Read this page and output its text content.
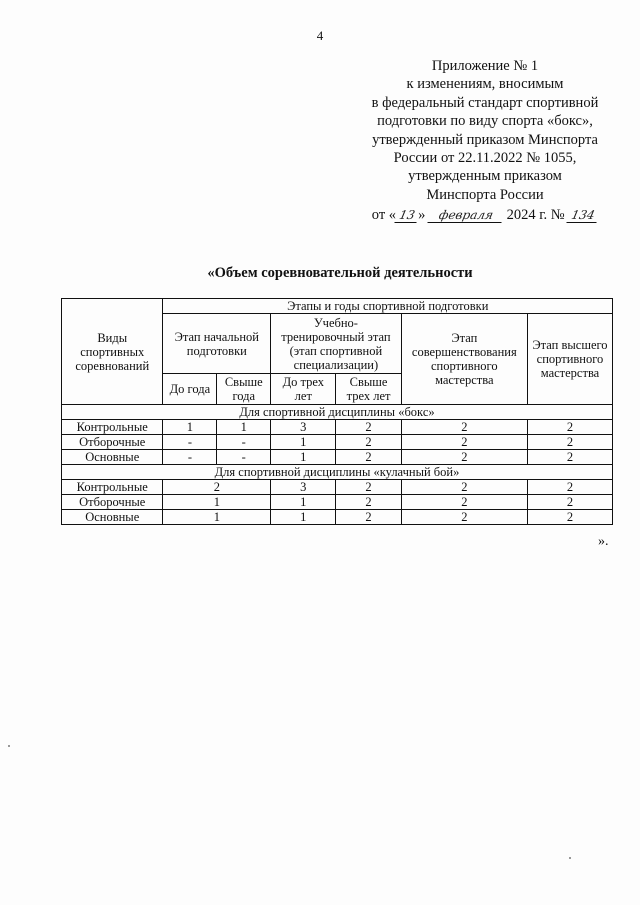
4
Приложение № 1
к изменениям, вносимым
в федеральный стандарт спортивной
подготовки по виду спорта «бокс»,
утвержденный приказом Минспорта
России от 22.11.2022 № 1055,
утвержденным приказом
Минспорта России
от « 13 » февраля 2024 г. № 134
«Объем соревновательной деятельности
Виды спортивных соревнований	Этапы и годы спортивной подготовки					
	Этап начальной подготовки		Учебно-тренировочный этап (этап спортивной специализации)		Этап совершенствования спортивного мастерства	Этап высшего спортивного мастерства
	До года	Свыше года	До трех лет	Свыше трех лет		
Для спортивной дисциплины «бокс»						
Контрольные	1	1	3	2	2	2
Отборочные	-	-	1	2	2	2
Основные	-	-	1	2	2	2
Для спортивной дисциплины «кулачный бой»						
Контрольные	2		3	2	2	2
Отборочные	1		1	2	2	2
Основные	1		1	2	2	2
».
